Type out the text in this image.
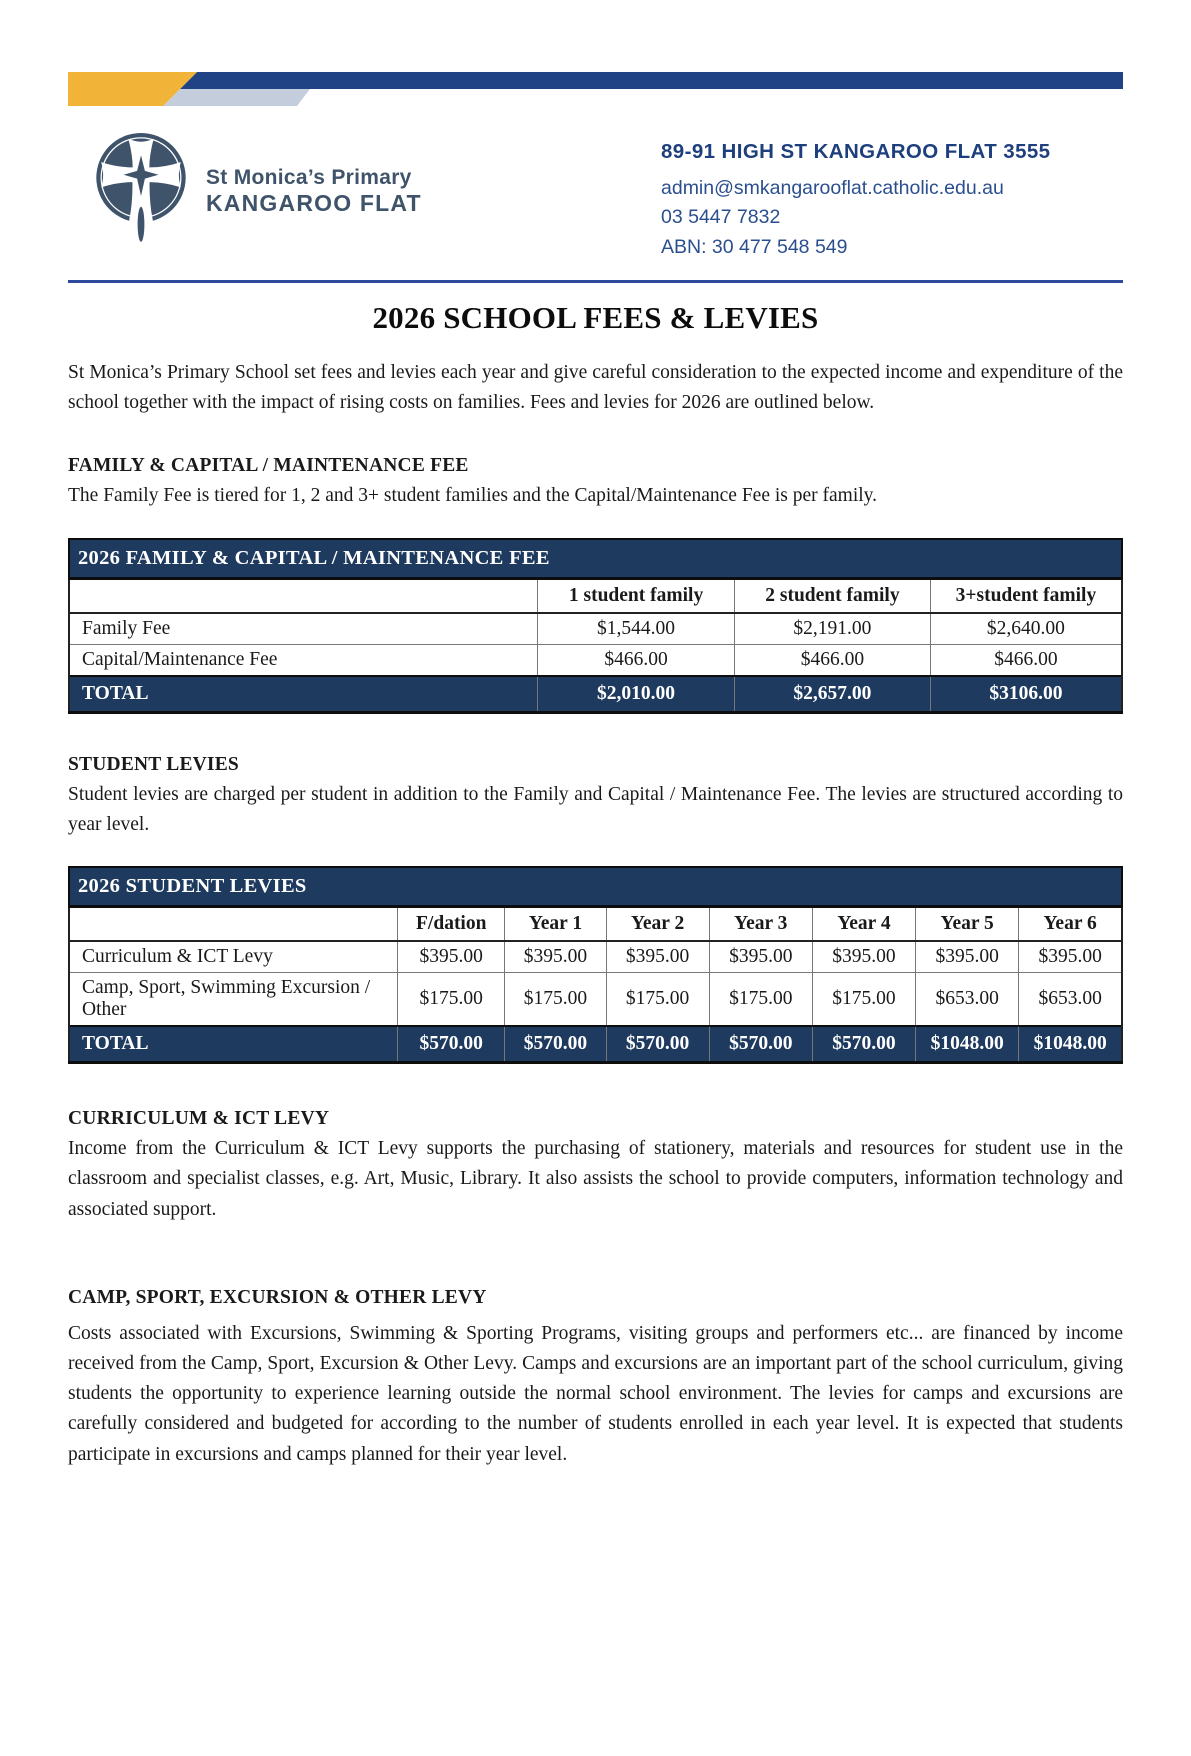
St Monica’s Primary
KANGAROO FLAT
89-91 HIGH ST KANGAROO FLAT 3555
admin@smkangarooflat.catholic.edu.au
03 5447 7832
ABN: 30 477 548 549
2026 SCHOOL FEES & LEVIES

St Monica’s Primary School set fees and levies each year and give careful consideration to the expected income and expenditure of the school together with the impact of rising costs on families. Fees and levies for 2026 are outlined below.

FAMILY & CAPITAL / MAINTENANCE FEE

The Family Fee is tiered for 1, 2 and 3+ student families and the Capital/Maintenance Fee is per family.

2026 FAMILY & CAPITAL / MAINTENANCE FEE			
	1 student family	2 student family	3+student family
Family Fee	$1,544.00	$2,191.00	$2,640.00
Capital/Maintenance Fee	$466.00	$466.00	$466.00
TOTAL	$2,010.00	$2,657.00	$3106.00
STUDENT LEVIES

Student levies are charged per student in addition to the Family and Capital / Maintenance Fee. The levies are structured according to year level.

2026 STUDENT LEVIES							
	F/dation	Year 1	Year 2	Year 3	Year 4	Year 5	Year 6
Curriculum & ICT Levy	$395.00	$395.00	$395.00	$395.00	$395.00	$395.00	$395.00
Camp, Sport, Swimming Excursion / Other	$175.00	$175.00	$175.00	$175.00	$175.00	$653.00	$653.00
TOTAL	$570.00	$570.00	$570.00	$570.00	$570.00	$1048.00	$1048.00
CURRICULUM & ICT LEVY

Income from the Curriculum & ICT Levy supports the purchasing of stationery, materials and resources for student use in the classroom and specialist classes, e.g. Art, Music, Library. It also assists the school to provide computers, information technology and associated support.

CAMP, SPORT, EXCURSION & OTHER LEVY

Costs associated with Excursions, Swimming & Sporting Programs, visiting groups and performers etc... are financed by income received from the Camp, Sport, Excursion & Other Levy. Camps and excursions are an important part of the school curriculum, giving students the opportunity to experience learning outside the normal school environment. The levies for camps and excursions are carefully considered and budgeted for according to the number of students enrolled in each year level. It is expected that students participate in excursions and camps planned for their year level.
